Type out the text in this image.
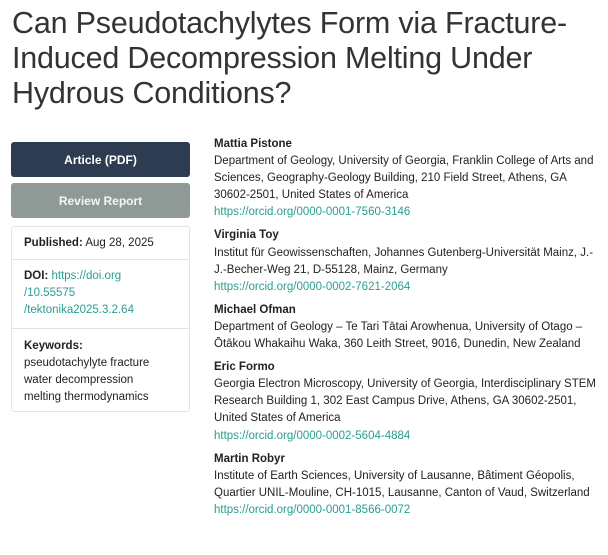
Can Pseudotachylytes Form via Fracture-Induced Decompression Melting Under Hydrous Conditions?
Article (PDF)
Review Report
Published: Aug 28, 2025
DOI: https://doi.org
/10.55575
/tektonika2025.3.2.64
Keywords:
pseudotachylyte fracture
water decompression
melting thermodynamics
Mattia Pistone
Department of Geology, University of Georgia, Franklin College of Arts and Sciences, Geography-Geology Building, 210 Field Street, Athens, GA 30602-2501, United States of America
https://orcid.org/0000-0001-7560-3146
Virginia Toy
Institut für Geowissenschaften, Johannes Gutenberg-Universität Mainz, J.-J.-Becher-Weg 21, D-55128, Mainz, Germany
https://orcid.org/0000-0002-7621-2064
Michael Ofman
Department of Geology – Te Tari Tātai Arowhenua, University of Otago – Ōtākou Whakaihu Waka, 360 Leith Street, 9016, Dunedin, New Zealand
Eric Formo
Georgia Electron Microscopy, University of Georgia, Interdisciplinary STEM Research Building 1, 302 East Campus Drive, Athens, GA 30602-2501, United States of America
https://orcid.org/0000-0002-5604-4884
Martin Robyr
Institute of Earth Sciences, University of Lausanne, Bâtiment Géopolis, Quartier UNIL-Mouline, CH-1015, Lausanne, Canton of Vaud, Switzerland
https://orcid.org/0000-0001-8566-0072
